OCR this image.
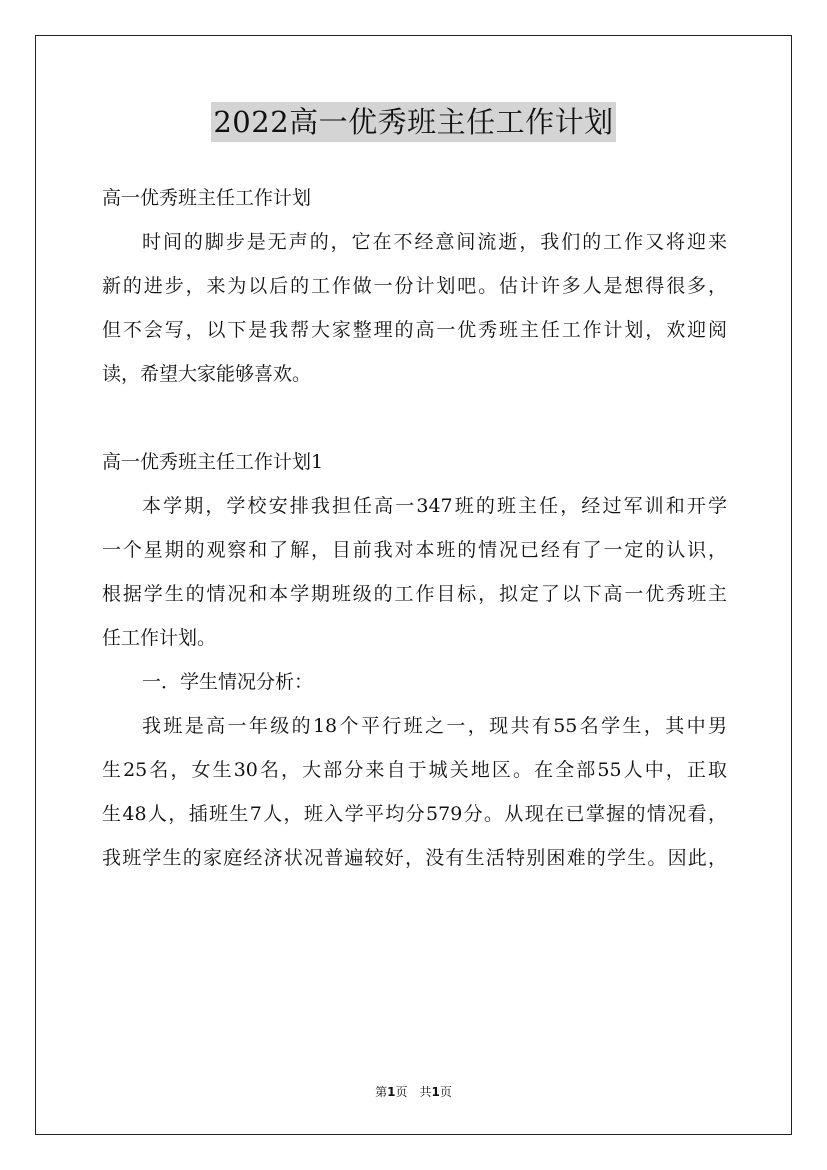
2022高一优秀班主任工作计划
高一优秀班主任工作计划
时间的脚步是无声的，它在不经意间流逝，我们的工作又将迎来
新的进步，来为以后的工作做一份计划吧。估计许多人是想得很多，
但不会写，以下是我帮大家整理的高一优秀班主任工作计划，欢迎阅
读，希望大家能够喜欢。
高一优秀班主任工作计划1
本学期，学校安排我担任高一347班的班主任，经过军训和开学
一个星期的观察和了解，目前我对本班的情况已经有了一定的认识，
根据学生的情况和本学期班级的工作目标，拟定了以下高一优秀班主
任工作计划。
一．学生情况分析：
我班是高一年级的18个平行班之一，现共有55名学生，其中男
生25名，女生30名，大部分来自于城关地区。在全部55人中，正取
生48人，插班生7人，班入学平均分579分。从现在已掌握的情况看，
我班学生的家庭经济状况普遍较好，没有生活特别困难的学生。因此，
第1页　共1页
